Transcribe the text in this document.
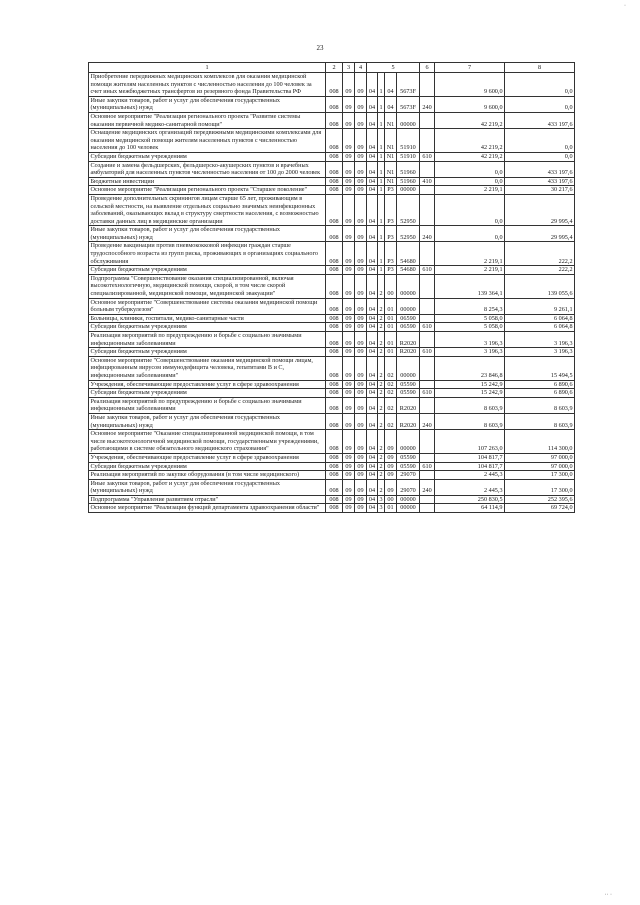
·
23
1	2	3	4	5				6	7	8
Приобретение передвижных медицинских комплексов для оказания медицинской помощи жителям населенных пунктов с численностью населения до 100 человек за счет иных межбюджетных трансфертов из резервного фонда Правительства РФ	008	09	09	04	1	04	5673F		9 600,0	0,0
Иные закупки товаров, работ и услуг для обеспечения государственных (муниципальных) нужд	008	09	09	04	1	04	5673F	240	9 600,0	0,0
Основное мероприятие "Реализация регионального проекта "Развитие системы оказания первичной медико-санитарной помощи"	008	09	09	04	1	N1	00000		42 219,2	433 197,6
Оснащение медицинских организаций передвижными медицинскими комплексами для оказания медицинской помощи жителям населенных пунктов с численностью населения до 100 человек	008	09	09	04	1	N1	51910		42 219,2	0,0
Субсидии бюджетным учреждениям	008	09	09	04	1	N1	51910	610	42 219,2	0,0
Создание и замена фельдшерских, фельдшерско-акушерских пунктов и врачебных амбулаторий для населенных пунктов численностью населения от 100 до 2000 человек	008	09	09	04	1	N1	51960		0,0	433 197,6
Бюджетные инвестиции	008	09	09	04	1	N1	51960	410	0,0	433 197,6
Основное мероприятие "Реализация регионального проекта "Старшее поколение"	008	09	09	04	1	P3	00000		2 219,1	30 217,6
Проведение дополнительных скринингов лицам старше 65 лет, проживающим в сельской местности, на выявление отдельных социально значимых неинфекционных заболеваний, оказывающих вклад в структуру смертности населения, с возможностью доставки данных лиц в медицинские организации	008	09	09	04	1	P3	52950		0,0	29 995,4
Иные закупки товаров, работ и услуг для обеспечения государственных (муниципальных) нужд	008	09	09	04	1	P3	52950	240	0,0	29 995,4
Проведение вакцинации против пневмококковой инфекции граждан старше трудоспособного возраста из групп риска, проживающих в организациях социального обслуживания	008	09	09	04	1	P3	54680		2 219,1	222,2
Субсидии бюджетным учреждениям	008	09	09	04	1	P3	54680	610	2 219,1	222,2
Подпрограмма "Совершенствование оказания специализированной, включая высокотехнологичную, медицинской помощи, скорой, в том числе скорой специализированной, медицинской помощи, медицинской эвакуации"	008	09	09	04	2	00	00000		139 364,1	139 055,6
Основное мероприятие "Совершенствование системы оказания медицинской помощи больным туберкулезом"	008	09	09	04	2	01	00000		8 254,3	9 261,1
Больницы, клиники, госпитали, медико-санитарные части	008	09	09	04	2	01	06590		5 058,0	6 064,8
Субсидии бюджетным учреждениям	008	09	09	04	2	01	06590	610	5 058,0	6 064,8
Реализация мероприятий по предупреждению и борьбе с социально значимыми инфекционными заболеваниями	008	09	09	04	2	01	R2020		3 196,3	3 196,3
Субсидии бюджетным учреждениям	008	09	09	04	2	01	R2020	610	3 196,3	3 196,3
Основное мероприятие "Совершенствование оказания медицинской помощи лицам, инфицированным вирусом иммунодефицита человека, гепатитами В и С, инфекционными заболеваниями"	008	09	09	04	2	02	00000		23 846,8	15 494,5
Учреждения, обеспечивающие предоставление услуг в сфере здравоохранения	008	09	09	04	2	02	05590		15 242,9	6 890,6
Субсидии бюджетным учреждениям	008	09	09	04	2	02	05590	610	15 242,9	6 890,6
Реализация мероприятий по предупреждению и борьбе с социально значимыми инфекционными заболеваниями	008	09	09	04	2	02	R2020		8 603,9	8 603,9
Иные закупки товаров, работ и услуг для обеспечения государственных (муниципальных) нужд	008	09	09	04	2	02	R2020	240	8 603,9	8 603,9
Основное мероприятие "Оказание специализированной медицинской помощи, в том числе высокотехнологичной медицинской помощи, государственными учреждениями, работающими в системе обязательного медицинского страхования"	008	09	09	04	2	09	00000		107 263,0	114 300,0
Учреждения, обеспечивающие предоставление услуг в сфере здравоохранения	008	09	09	04	2	09	05590		104 817,7	97 000,0
Субсидии бюджетным учреждениям	008	09	09	04	2	09	05590	610	104 817,7	97 000,0
Реализация мероприятий по закупке оборудования (в том числе медицинского)	008	09	09	04	2	09	29070		2 445,3	17 300,0
Иные закупки товаров, работ и услуг для обеспечения государственных (муниципальных) нужд	008	09	09	04	2	09	29070	240	2 445,3	17 300,0
Подпрограмма "Управление развитием отрасли"	008	09	09	04	3	00	00000		250 830,5	252 395,6
Основное мероприятие "Реализация функций департамента здравоохранения области"	008	09	09	04	3	01	00000		64 114,9	69 724,0
·· ·
